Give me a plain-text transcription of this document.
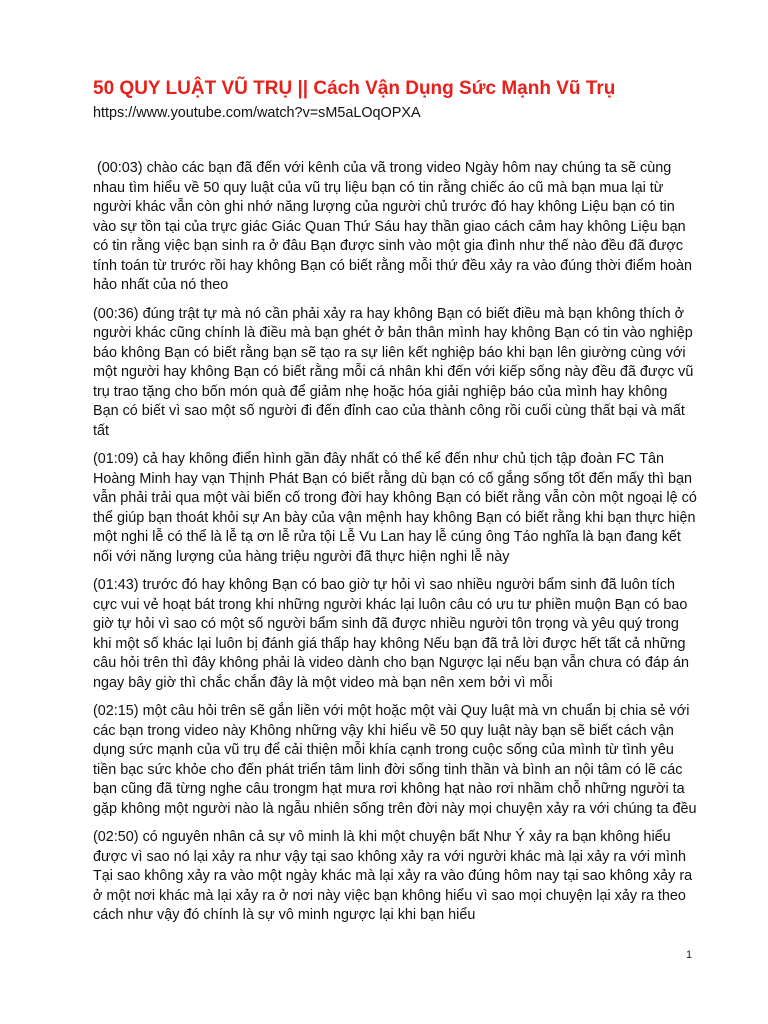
50 QUY LUẬT VŨ TRỤ || Cách Vận Dụng Sức Mạnh Vũ Trụ
https://www.youtube.com/watch?v=sM5aLOqOPXA

(00:03) chào các bạn đã đến với kênh của vã trong video Ngày hôm nay chúng ta sẽ cùng nhau tìm hiểu về 50 quy luật của vũ trụ liệu bạn có tin rằng chiếc áo cũ mà bạn mua lại từ người khác vẫn còn ghi nhớ năng lượng của người chủ trước đó hay không Liệu bạn có tin vào sự tồn tại của trực giác Giác Quan Thứ Sáu hay thần giao cách cảm hay không Liệu bạn có tin rằng việc bạn sinh ra ở đâu Bạn được sinh vào một gia đình như thế nào đều đã được tính toán từ trước rồi hay không Bạn có biết rằng mỗi thứ đều xảy ra vào đúng thời điểm hoàn hảo nhất của nó theo

(00:36) đúng trật tự mà nó cần phải xảy ra hay không Bạn có biết điều mà bạn không thích ở người khác cũng chính là điều mà bạn ghét ở bản thân mình hay không Bạn có tin vào nghiệp báo không Bạn có biết rằng bạn sẽ tạo ra sự liên kết nghiệp báo khi bạn lên giường cùng với một người hay không Bạn có biết rằng mỗi cá nhân khi đến với kiếp sống này đều đã được vũ trụ trao tặng cho bốn món quà để giảm nhẹ hoặc hóa giải nghiệp báo của mình hay không Bạn có biết vì sao một số người đi đến đỉnh cao của thành công rồi cuối cùng thất bại và mất tất

(01:09) cả hay không điển hình gần đây nhất có thể kể đến như chủ tịch tập đoàn FC Tân Hoàng Minh hay vạn Thịnh Phát Bạn có biết rằng dù bạn có cố gắng sống tốt đến mấy thì bạn vẫn phải trải qua một vài biến cố trong đời hay không Bạn có biết rằng vẫn còn một ngoại lệ có thể giúp bạn thoát khỏi sự An bày của vận mệnh hay không Bạn có biết rằng khi bạn thực hiện một nghi lễ có thể là lễ tạ ơn lễ rửa tội Lễ Vu Lan hay lễ cúng ông Táo nghĩa là bạn đang kết nối với năng lượng của hàng triệu người đã thực hiện nghi lễ này

(01:43) trước đó hay không Bạn có bao giờ tự hỏi vì sao nhiều người bẩm sinh đã luôn tích cực vui vẻ hoạt bát trong khi những người khác lại luôn câu có ưu tư phiền muộn Bạn có bao giờ tự hỏi vì sao có một số người bẩm sinh đã được nhiều người tôn trọng và yêu quý trong khi một số khác lại luôn bị đánh giá thấp hay không Nếu bạn đã trả lời được hết tất cả những câu hỏi trên thì đây không phải là video dành cho bạn Ngược lại nếu bạn vẫn chưa có đáp án ngay bây giờ thì chắc chắn đây là một video mà bạn nên xem bởi vì mỗi

(02:15) một câu hỏi trên sẽ gắn liền với một hoặc một vài Quy luật mà vn chuẩn bị chia sẻ với các bạn trong video này Không những vậy khi hiểu về 50 quy luật này bạn sẽ biết cách vận dụng sức mạnh của vũ trụ để cải thiện mỗi khía cạnh trong cuộc sống của mình từ tình yêu tiền bạc sức khỏe cho đến phát triển tâm linh đời sống tinh thần và bình an nội tâm có lẽ các bạn cũng đã từng nghe câu trongm hạt mưa rơi không hạt nào rơi nhầm chỗ những người ta gặp không một người nào là ngẫu nhiên sống trên đời này mọi chuyện xảy ra với chúng ta đều

(02:50) có nguyên nhân cả sự vô minh là khi một chuyện bất Như Ý xảy ra bạn không hiểu được vì sao nó lại xảy ra như vậy tại sao không xảy ra với người khác mà lại xảy ra với mình Tại sao không xảy ra vào một ngày khác mà lại xảy ra vào đúng hôm nay tại sao không xảy ra ở một nơi khác mà lại xảy ra ở nơi này việc bạn không hiểu vì sao mọi chuyện lại xảy ra theo cách như vậy đó chính là sự vô minh ngược lại khi bạn hiểu

1
